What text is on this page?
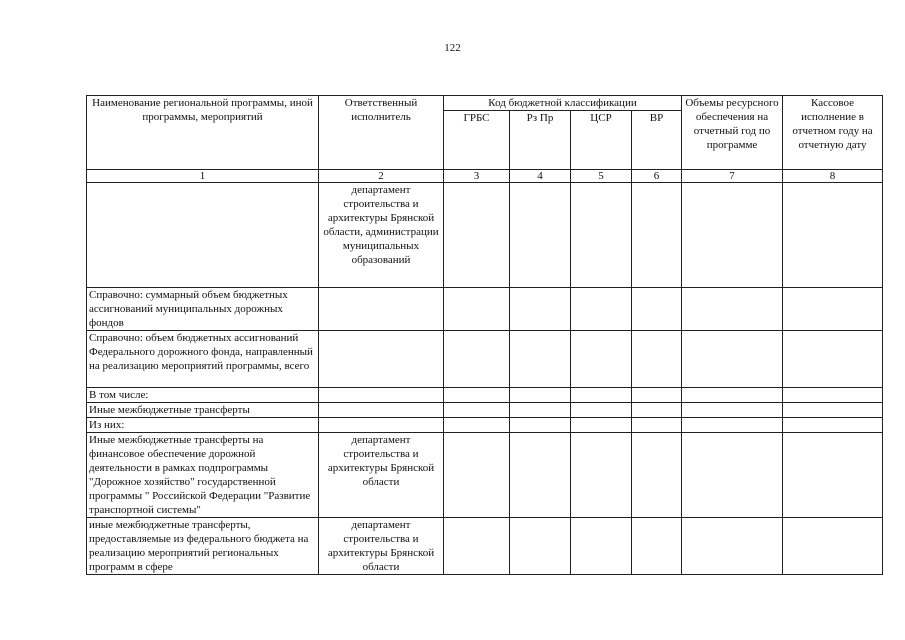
122
Наименование региональной программы, иной программы, мероприятий	Ответственный исполнитель	Код бюджетной классификации				Объемы ресурсного обеспечения на отчетный год по программе	Кассовое исполнение в отчетном году на отчетную дату
		ГРБС	Рз Пр	ЦСР	ВР		
1	2	3	4	5	6	7	8
	департамент строительства и архитектуры Брянской области, администрации муниципальных образований						
Справочно: суммарный объем бюджетных ассигнований муниципальных дорожных фондов							
Справочно: объем бюджетных ассигнований Федерального дорожного фонда, направленный на реализацию мероприятий программы, всего							
В том числе:							
Иные межбюджетные трансферты							
Из них:							
Иные межбюджетные трансферты на финансовое обеспечение дорожной деятельности в рамках подпрограммы "Дорожное хозяйство" государственной программы " Российской Федерации "Развитие транспортной системы"	департамент строительства и архитектуры Брянской области						
иные межбюджетные трансферты, предоставляемые из федерального бюджета на реализацию мероприятий региональных программ в сфере	департамент строительства и архитектуры Брянской области						
